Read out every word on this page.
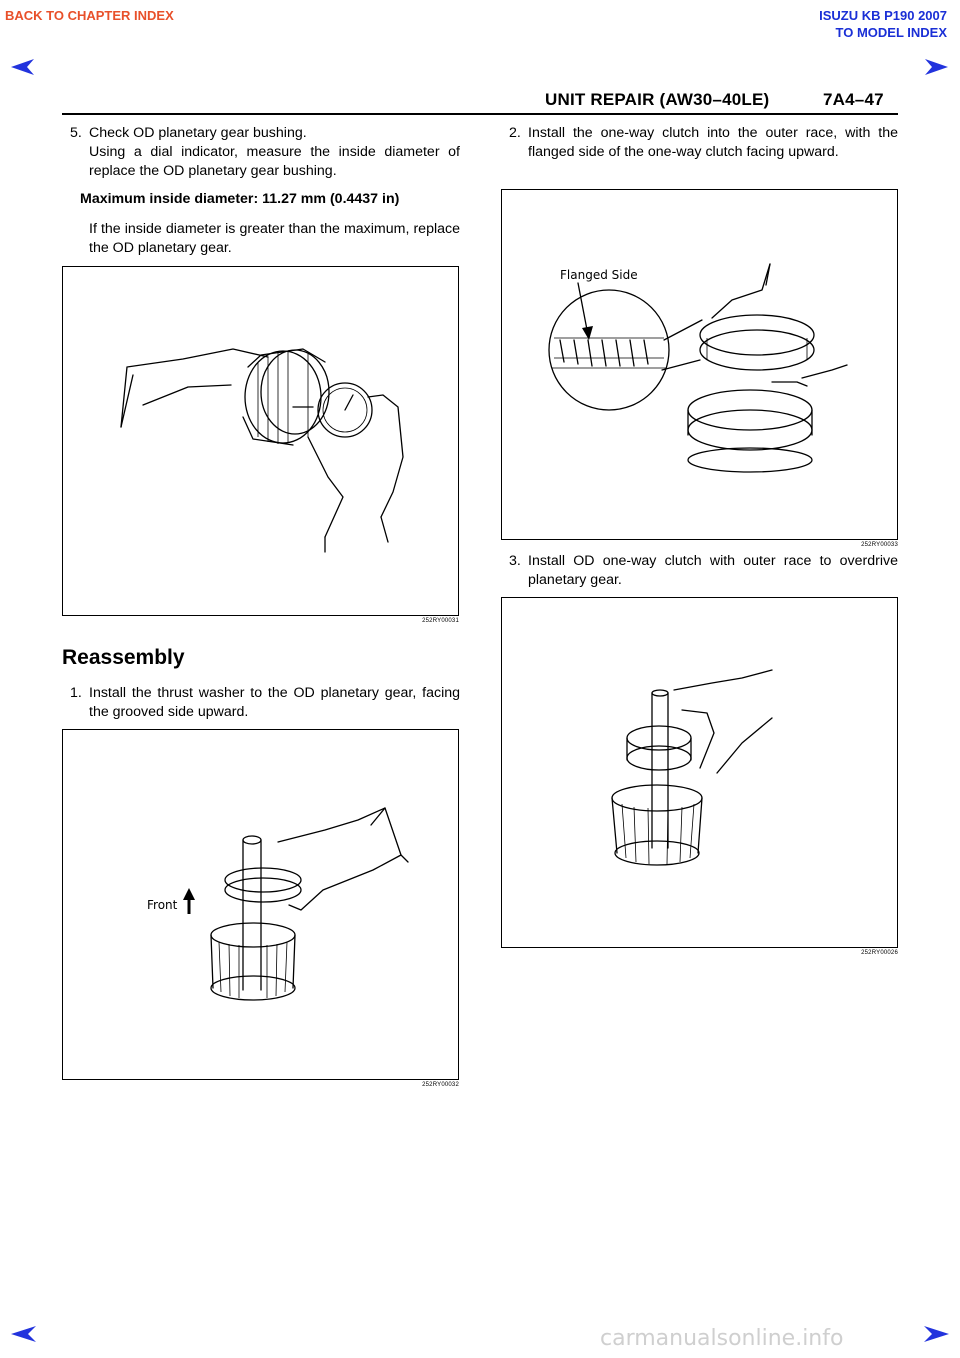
BACK TO CHAPTER INDEX	ISUZU KB P190 2007
TO MODEL INDEX
UNIT REPAIR (AW30–40LE)	7A4–47
5. Check OD planetary gear bushing.
Using a dial indicator, measure the inside diameter of replace the OD planetary gear bushing.
Maximum inside diameter: 11.27 mm (0.4437 in)
If the inside diameter is greater than the maximum, replace the OD planetary gear.
252RY00031
Reassembly
1. Install the thrust washer to the OD planetary gear, facing the grooved side upward.
Front
252RY00032
2. Install the one-way clutch into the outer race, with the flanged side of the one-way clutch facing upward.
Flanged Side
252RY00033
3. Install OD one-way clutch with outer race to overdrive planetary gear.
252RY00026
carmanualsonline.info
